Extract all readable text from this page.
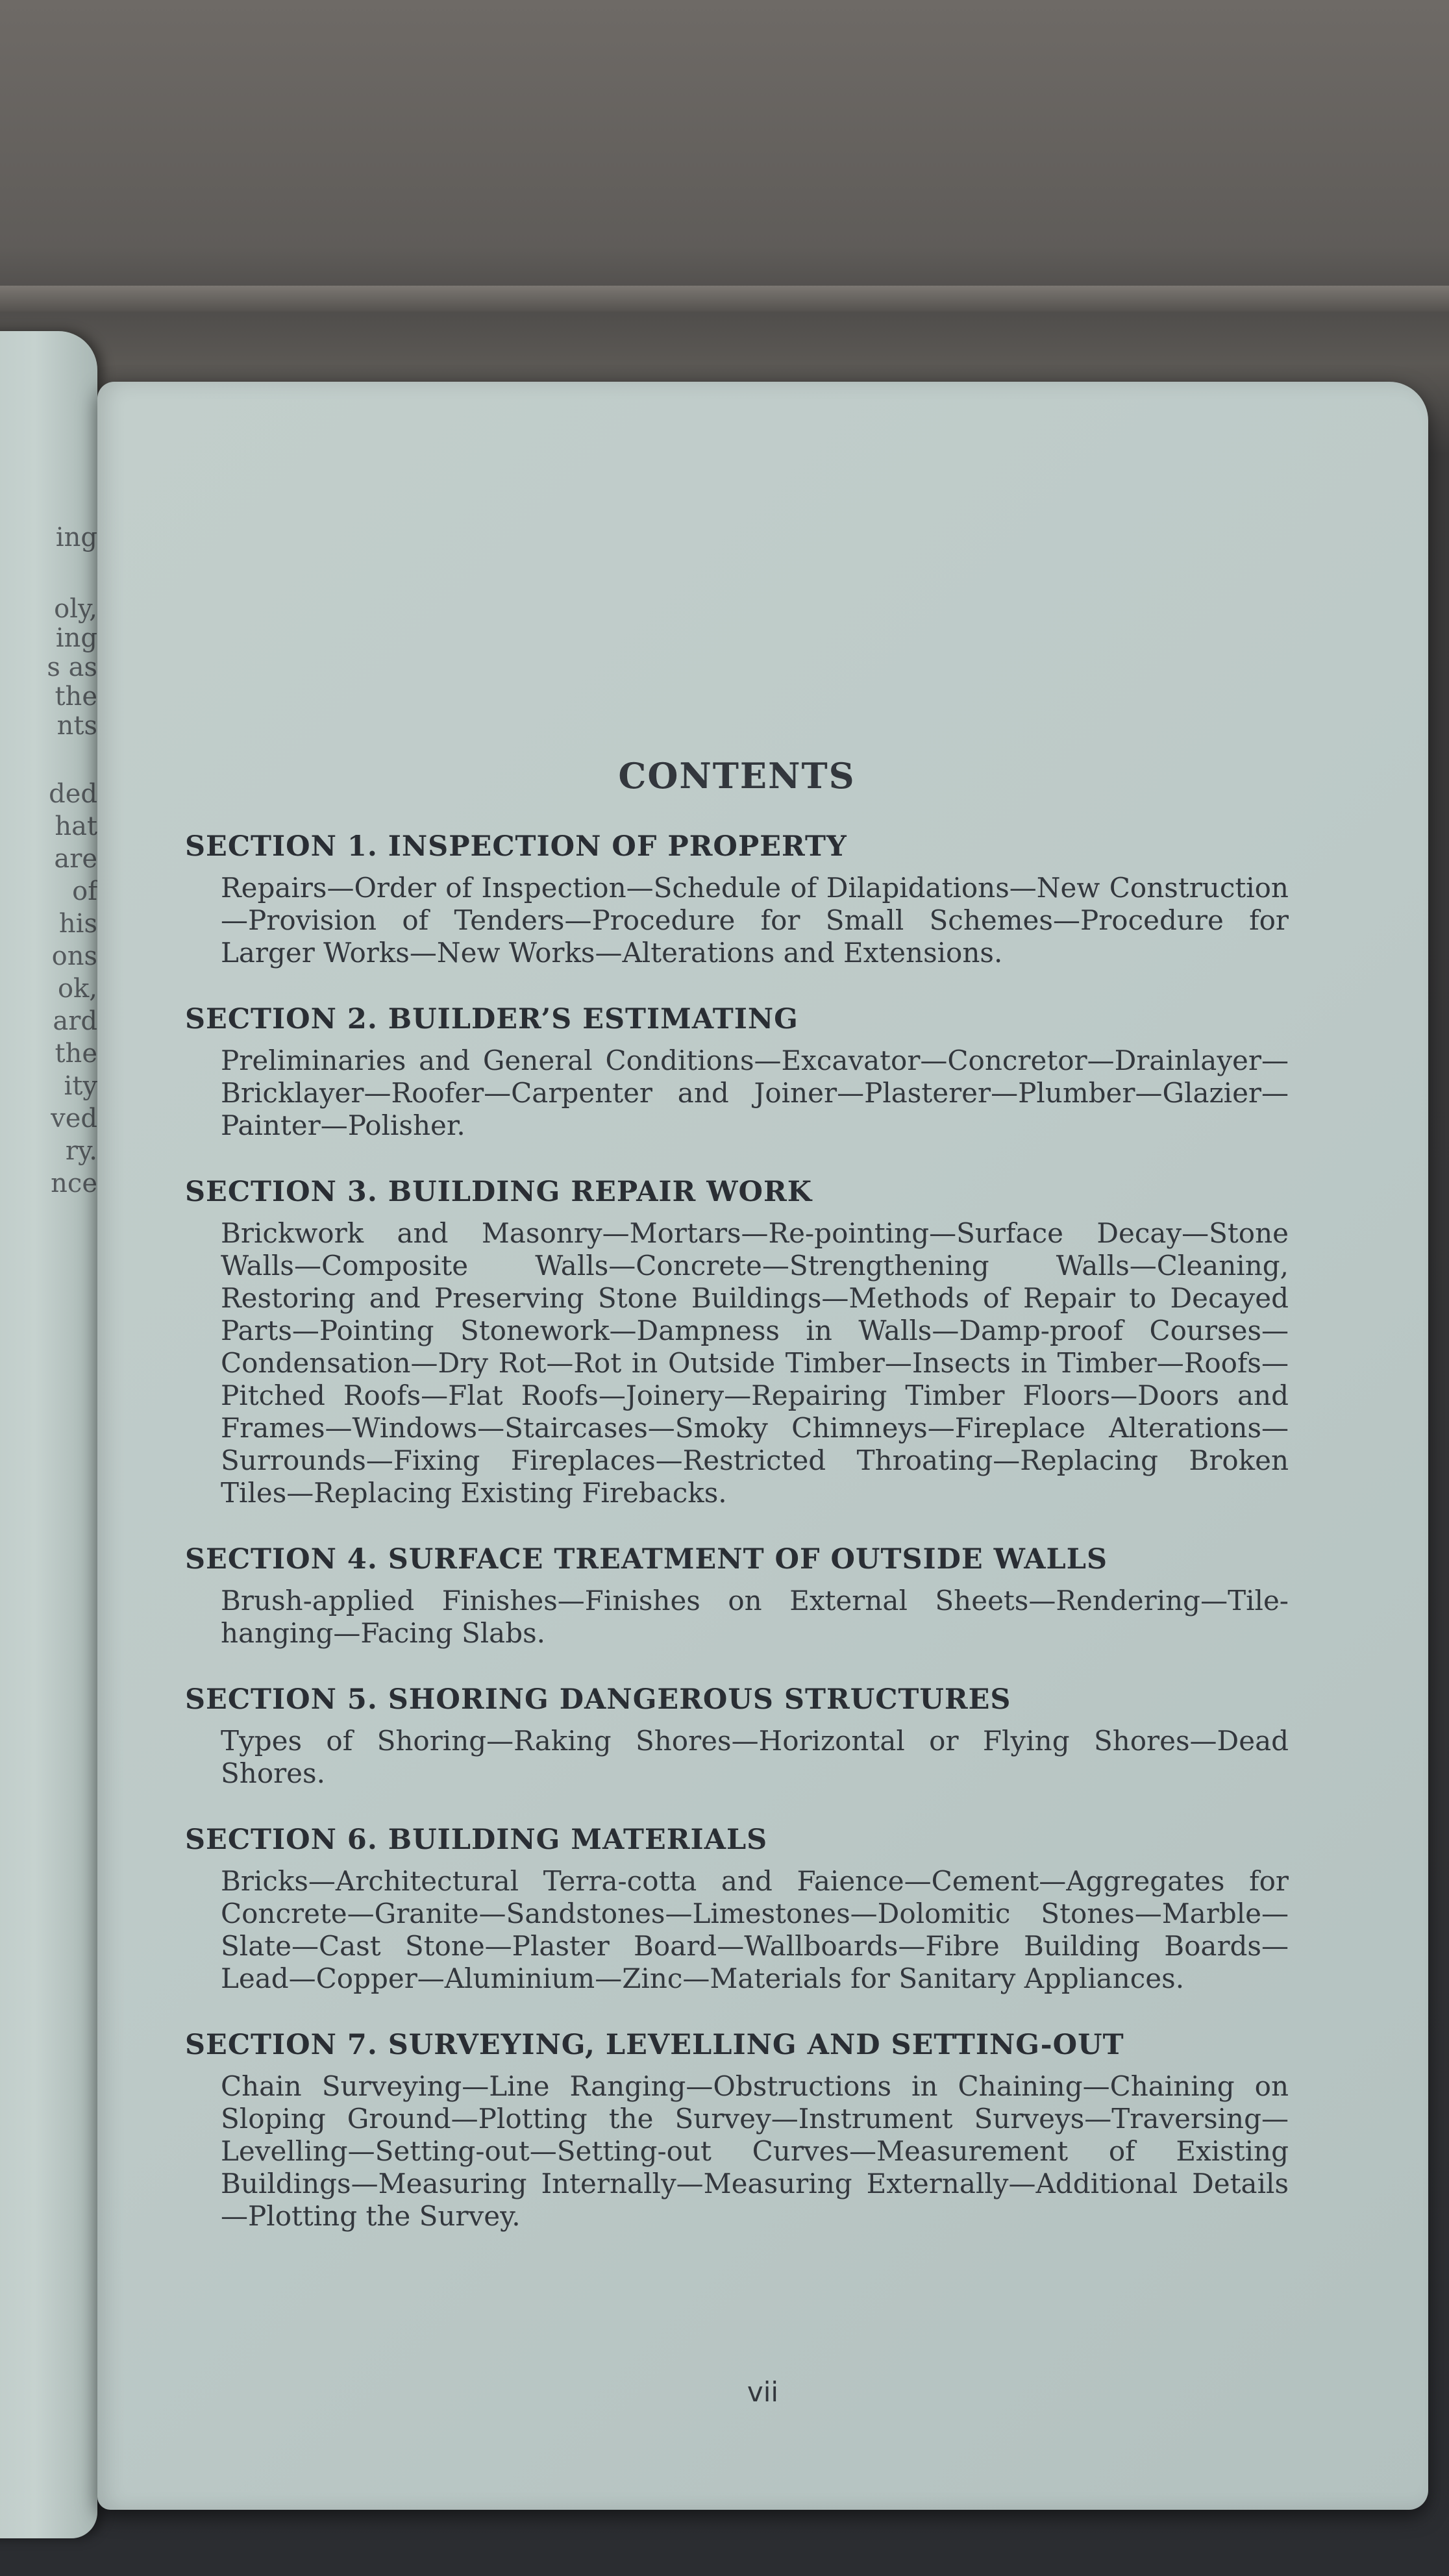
ing
oly,
ing
s as
the
nts
ded
hat
are
of
his
ons
ok,
ard
the
ity
ved
ry.
nce
CONTENTS
SECTION 1. INSPECTION OF PROPERTY

Repairs—Order of Inspection—Schedule of Dilapidations—New Construction—Provision of Tenders—Procedure for Small Schemes—Procedure for Larger Works—New Works—Alterations and Extensions.

SECTION 2. BUILDER’S ESTIMATING

Preliminaries and General Conditions—Excavator—Concretor—Drainlayer—Bricklayer—Roofer—Carpenter and Joiner—Plasterer—Plumber—Glazier—Painter—Polisher.

SECTION 3. BUILDING REPAIR WORK

Brickwork and Masonry—Mortars—Re-pointing—Surface Decay—Stone Walls—Composite Walls—Concrete—Strengthening Walls—Cleaning, Restoring and Preserving Stone Buildings—Methods of Repair to Decayed Parts—Pointing Stonework—Dampness in Walls—Damp-proof Courses—Condensation—Dry Rot—Rot in Outside Timber—Insects in Timber—Roofs—Pitched Roofs—Flat Roofs—Joinery—Repairing Timber Floors—Doors and Frames—Windows—Staircases—Smoky Chimneys—Fireplace Alterations—Surrounds—Fixing Fireplaces—Restricted Throating—Replacing Broken Tiles—Replacing Existing Firebacks.

SECTION 4. SURFACE TREATMENT OF OUTSIDE WALLS

Brush-applied Finishes—Finishes on External Sheets—Rendering—Tile-hanging—Facing Slabs.

SECTION 5. SHORING DANGEROUS STRUCTURES

Types of Shoring—Raking Shores—Horizontal or Flying Shores—Dead Shores.

SECTION 6. BUILDING MATERIALS

Bricks—Architectural Terra-cotta and Faience—Cement—Aggregates for Concrete—Granite—Sandstones—Limestones—Dolomitic Stones—Marble—Slate—Cast Stone—Plaster Board—Wallboards—Fibre Building Boards—Lead—Copper—Aluminium—Zinc—Materials for Sanitary Appliances.

SECTION 7. SURVEYING, LEVELLING AND SETTING-OUT

Chain Surveying—Line Ranging—Obstructions in Chaining—Chaining on Sloping Ground—Plotting the Survey—Instrument Surveys—Traversing—Levelling—Setting-out—Setting-out Curves—Measurement of Existing Buildings—Measuring Internally—Measuring Externally—Additional Details—Plotting the Survey.

vii
